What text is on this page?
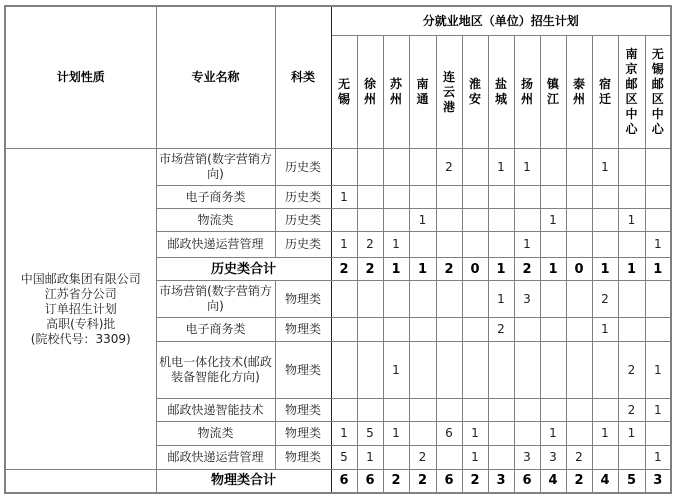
计划性质	专业名称	科类	分就业地区（单位）招生计划												

			无锡	徐州	苏州	南通	连云港	淮安	盐城	扬州	镇江	泰州	宿迁	南京邮区中心	无锡邮区中心

中国邮政集团有限公司
江苏省分公司
订单招生计划
高职(专科)批
(院校代号：3309)	市场营销(数字营销方向)	历史类					2		1	1			1		
	电子商务类	历史类	1												
	物流类	历史类				1					1			1	
	邮政快递运营管理	历史类	1	2	1					1					1
	历史类合计		2	2	1	1	2	0	1	2	1	0	1	1	1
	市场营销(数字营销方向)	物理类							1	3			2		
	电子商务类	物理类							2				1		
	机电一体化技术(邮政装备智能化方向)	物理类			1									2	1
	邮政快递智能技术	物理类												2	1
	物流类	物理类	1	5	1		6	1			1		1	1	
	邮政快递运营管理	物理类	5	1		2		1		3	3	2			1
	物理类合计		6	6	2	2	6	2	3	6	4	2	4	5	3
